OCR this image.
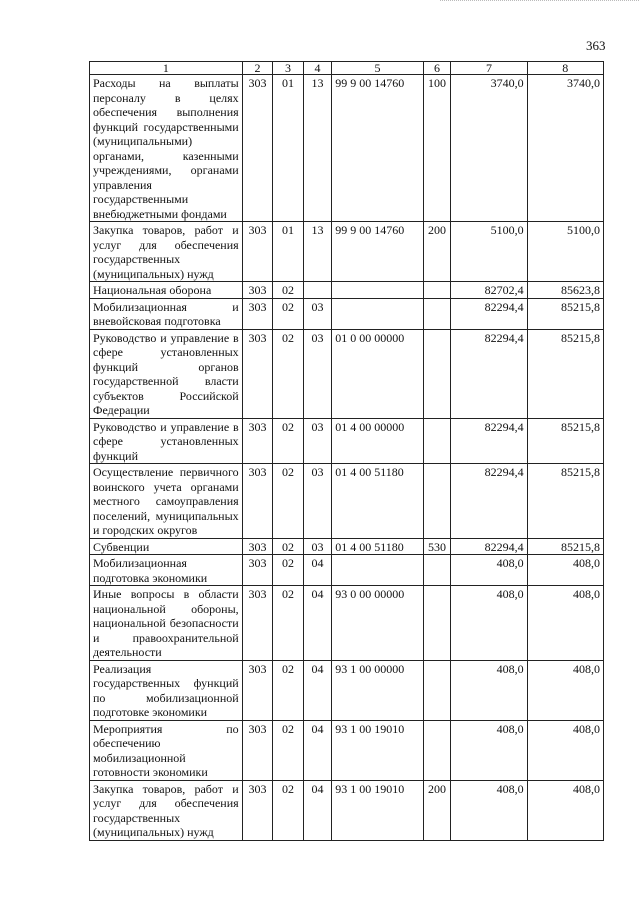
363
1	2	3	4	5	6	7	8
Расходы на выплаты персоналу в целях обеспечения выполнения функций государственными (муниципальными) органами, казенными учреждениями, органами управления государственными внебюджетными фондами	303	01	13	99 9 00 14760	100	3740,0	3740,0
Закупка товаров, работ и услуг для обеспечения государственных (муниципальных) нужд	303	01	13	99 9 00 14760	200	5100,0	5100,0
Национальная оборона	303	02				82702,4	85623,8
Мобилизационная и вневойсковая подготовка	303	02	03			82294,4	85215,8
Руководство и управление в сфере установленных функций органов государственной власти субъектов Российской Федерации	303	02	03	01 0 00 00000		82294,4	85215,8
Руководство и управление в сфере установленных функций	303	02	03	01 4 00 00000		82294,4	85215,8
Осуществление первичного воинского учета органами местного самоуправления поселений, муниципальных и городских округов	303	02	03	01 4 00 51180		82294,4	85215,8
Субвенции	303	02	03	01 4 00 51180	530	82294,4	85215,8
Мобилизационная подготовка экономики	303	02	04			408,0	408,0
Иные вопросы в области национальной обороны, национальной безопасности и правоохранительной деятельности	303	02	04	93 0 00 00000		408,0	408,0
Реализация государственных функций по мобилизационной подготовке экономики	303	02	04	93 1 00 00000		408,0	408,0
Мероприятия по обеспечению мобилизационной готовности экономики	303	02	04	93 1 00 19010		408,0	408,0
Закупка товаров, работ и услуг для обеспечения государственных (муниципальных) нужд	303	02	04	93 1 00 19010	200	408,0	408,0
